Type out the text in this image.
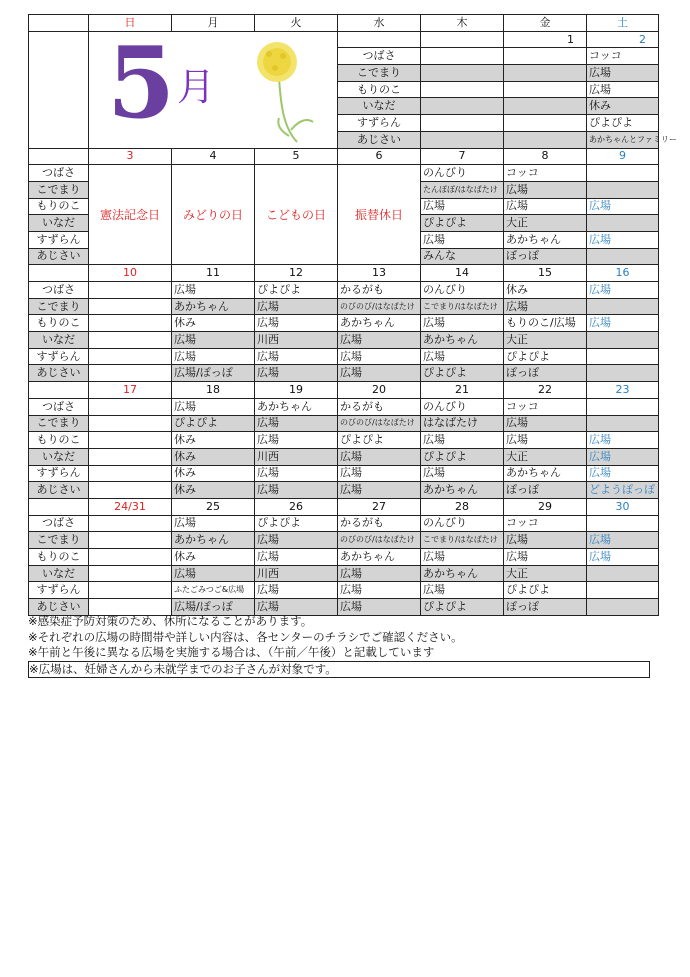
	日	月	火	水	木	金	土	

	5 月					1	2	
				つばさ			コッコ	
				こでまり			広場	
				もりのこ			広場	
				いなだ			休み	
				すずらん			ぴよぴよ	
				あじさい			あかちゃんとファミリー	

	3	4	5	6	7	8	9	
つばさ	憲法記念日	みどりの日	こどもの日	振替休日	のんびり	コッコ		
こでまり					たんぽぽ/はなばたけ	広場		
もりのこ					広場	広場	広場	
いなだ					ぴよぴよ	大正		
すずらん					広場	あかちゃん	広場	
あじさい					みんな	ぼっぽ		
	10	11	12	13	14	15	16	
つばさ		広場	ぴよぴよ	かるがも	のんびり	休み	広場	
こでまり		あかちゃん	広場	のびのび/はなばたけ	こでまり/はなばたけ	広場		
もりのこ		休み	広場	あかちゃん	広場	もりのこ/広場	広場	
いなだ		広場	川西	広場	あかちゃん	大正		
すずらん		広場	広場	広場	広場	ぴよぴよ		
あじさい		広場/ぽっぽ	広場	広場	ぴよぴよ	ぽっぽ		
	17	18	19	20	21	22	23	
つばさ		広場	あかちゃん	かるがも	のんびり	コッコ		
こでまり		ぴよぴよ	広場	のびのび/はなばたけ	はなばたけ	広場		
もりのこ		休み	広場	ぴよぴよ	広場	広場	広場	
いなだ		休み	川西	広場	ぴよぴよ	大正	広場	
すずらん		休み	広場	広場	広場	あかちゃん	広場	
あじさい		休み	広場	広場	あかちゃん	ぽっぽ	どようぽっぽ	
	24/31	25	26	27	28	29	30	
つばさ		広場	ぴよぴよ	かるがも	のんびり	コッコ		
こでまり		あかちゃん	広場	のびのび/はなばたけ	こでまり/はなばたけ	広場	広場	
もりのこ		休み	広場	あかちゃん	広場	広場	広場	
いなだ		広場	川西	広場	あかちゃん	大正		
すずらん		ふたごみつご&広場	広場	広場	広場	ぴよぴよ		
あじさい		広場/ぽっぽ	広場	広場	ぴよぴよ	ぽっぽ		
※感染症予防対策のため、休所になることがあります。
※それぞれの広場の時間帯や詳しい内容は、各センターのチラシでご確認ください。
※午前と午後に異なる広場を実施する場合は、（午前／午後）と記載しています
※広場は、妊婦さんから未就学までのお子さんが対象です。
